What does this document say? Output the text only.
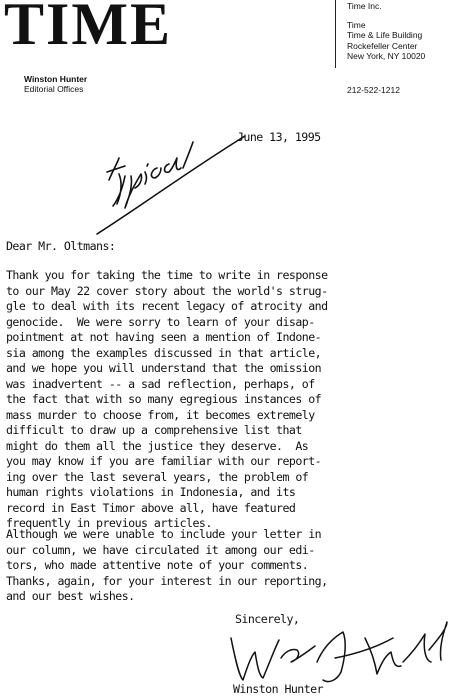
TIME
Winston Hunter
Editorial Offices
Time Inc.
Time
Time & Life Building
Rockefeller Center
New York, NY 10020
212-522-1212
typical
June 13, 1995
Dear Mr. Oltmans:
Thank you for taking the time to write in response
to our May 22 cover story about the world's strug-
gle to deal with its recent legacy of atrocity and
genocide.  We were sorry to learn of your disap-
pointment at not having seen a mention of Indone-
sia among the examples discussed in that article,
and we hope you will understand that the omission
was inadvertent -- a sad reflection, perhaps, of
the fact that with so many egregious instances of
mass murder to choose from, it becomes extremely
difficult to draw up a comprehensive list that
might do them all the justice they deserve.  As
you may know if you are familiar with our report-
ing over the last several years, the problem of
human rights violations in Indonesia, and its
record in East Timor above all, have featured
frequently in previous articles.
Although we were unable to include your letter in
our column, we have circulated it among our edi-
tors, who made attentive note of your comments.
Thanks, again, for your interest in our reporting,
and our best wishes.
Sincerely,
Winston Hunter
Winston Hunter
